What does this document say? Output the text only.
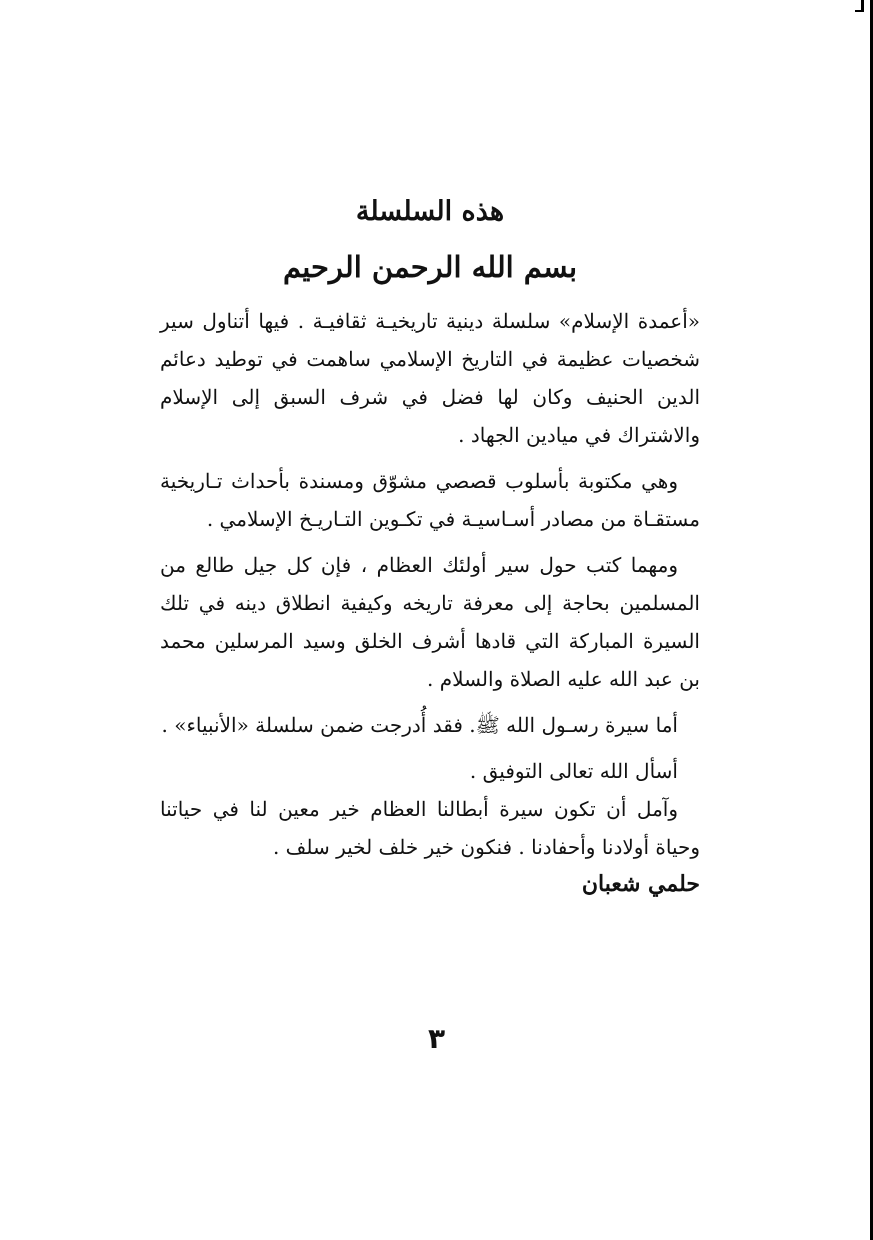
هذه السلسلة
بسم الله الرحمن الرحيم

«أعمدة الإسلام» سلسلة دينية تاريخيـة ثقافيـة . فيها أتناول سير شخصيات عظيمة في التاريخ الإسلامي ساهمت في توطيد دعائم الدين الحنيف وكان لها فضل في شرف السبق إلى الإسلام والاشتراك في ميادين الجهاد .

وهي مكتوبة بأسلوب قصصي مشوّق ومسندة بأحداث تـاريخية مستقـاة من مصادر أسـاسيـة في تكـوين التـاريـخ الإسلامي .

ومهما كتب حول سير أولئك العظام ، فإن كل جيل طالع من المسلمين بحاجة إلى معرفة تاريخه وكيفية انطلاق دينه في تلك السيرة المباركة التي قادها أشرف الخلق وسيد المرسلين محمد بن عبد الله عليه الصلاة والسلام .

أما سيرة رسـول الله ﷺ. فقد أُدرجت ضمن سلسلة «الأنبياء» .

أسأل الله تعالى التوفيق .

وآمل أن تكون سيرة أبطالنا العظام خير معين لنا في حياتنا وحياة أولادنا وأحفادنا . فنكون خير خلف لخير سلف .

حلمي شعبان

٣
